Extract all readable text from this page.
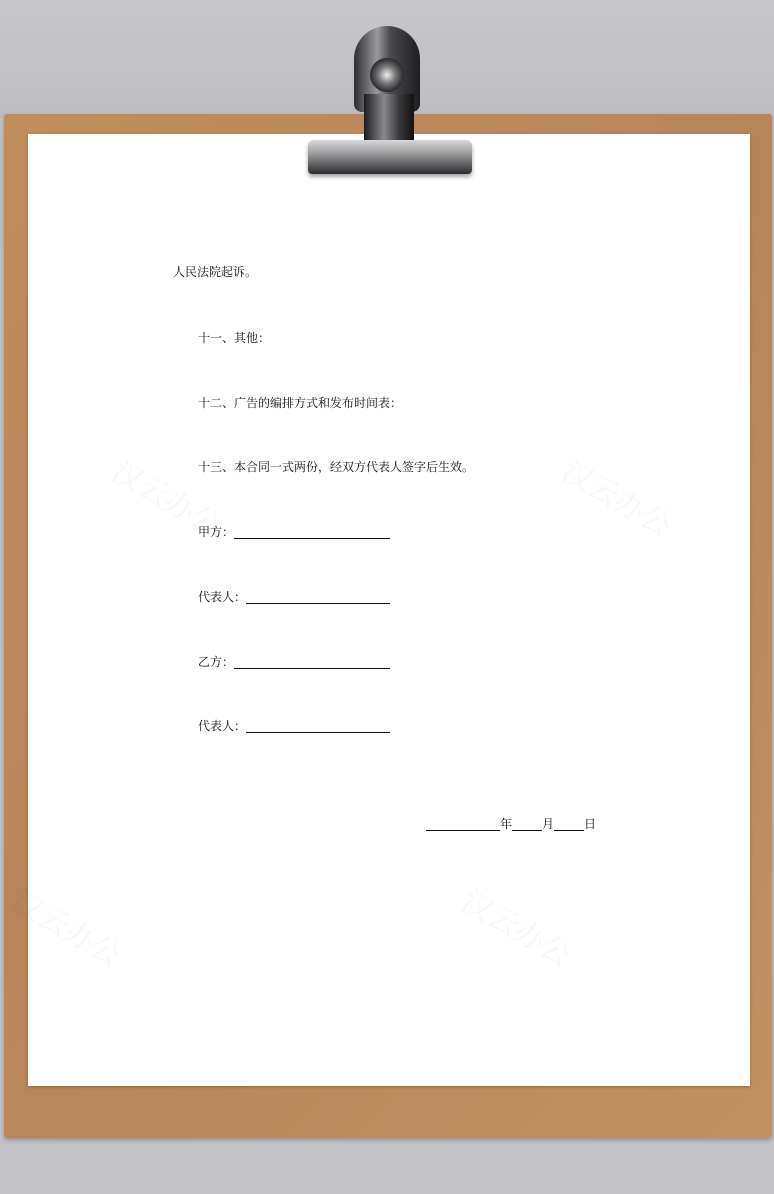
人民法院起诉。
十一、其他：
十二、广告的编排方式和发布时间表：
十三、本合同一式两份，经双方代表人签字后生效。
甲方：
代表人：
乙方：
代表人：
年	月	日
